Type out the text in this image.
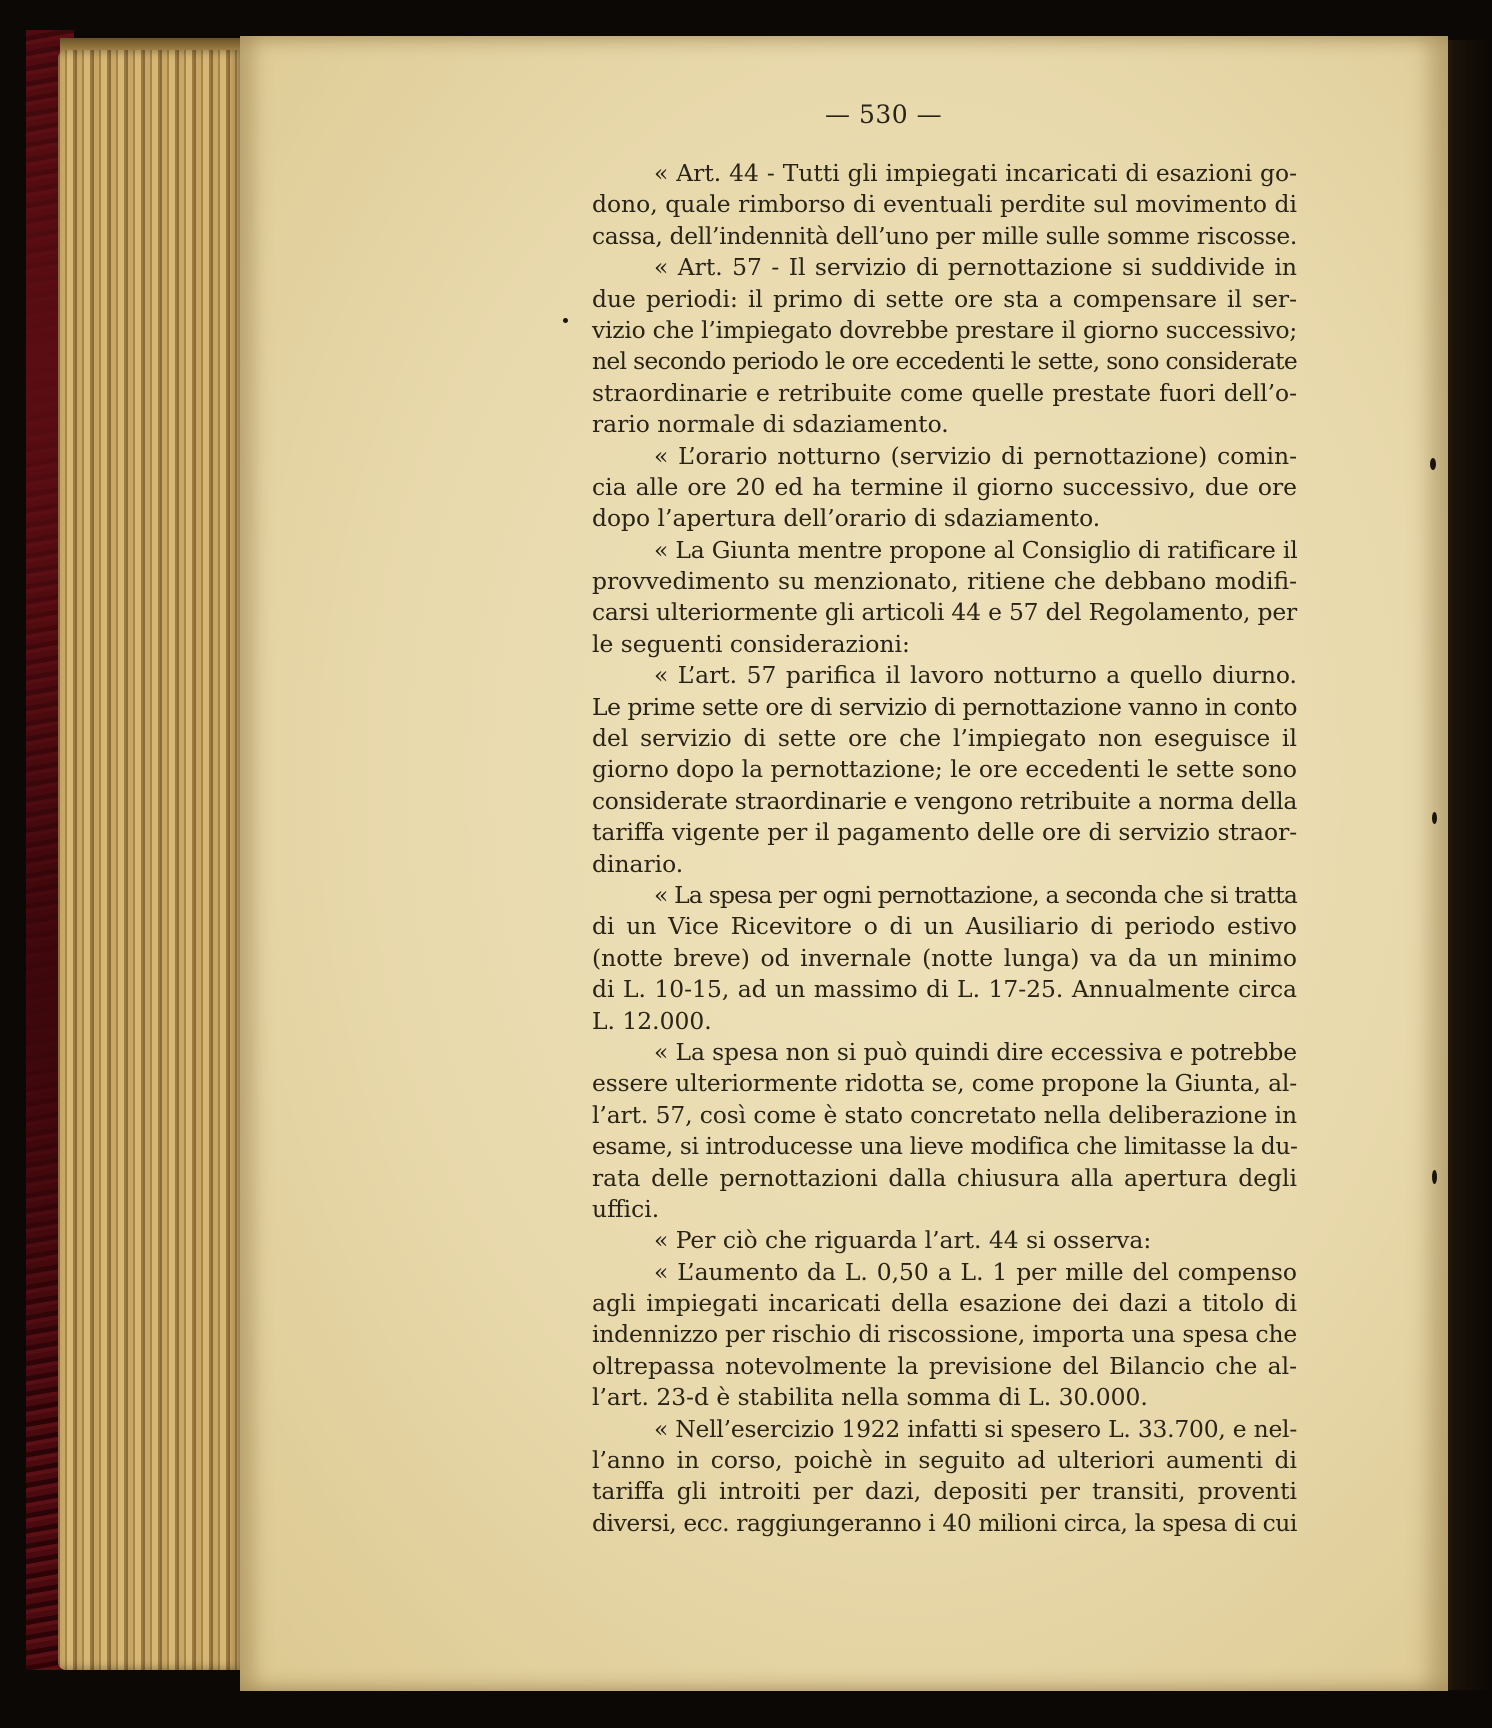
— 530 —
« Art. 44 - Tutti gli impiegati incaricati di esazioni go-
dono, quale rimborso di eventuali perdite sul movimento di
cassa, dell’indennità dell’uno per mille sulle somme riscosse.
« Art. 57 - Il servizio di pernottazione si suddivide in
due periodi: il primo di sette ore sta a compensare il ser-
vizio che l’impiegato dovrebbe prestare il giorno successivo;
nel secondo periodo le ore eccedenti le sette, sono considerate
straordinarie e retribuite come quelle prestate fuori dell’o-
rario normale di sdaziamento.
« L’orario notturno (servizio di pernottazione) comin-
cia alle ore 20 ed ha termine il giorno successivo, due ore
dopo l’apertura dell’orario di sdaziamento.
« La Giunta mentre propone al Consiglio di ratificare il
provvedimento su menzionato, ritiene che debbano modifi-
carsi ulteriormente gli articoli 44 e 57 del Regolamento, per
le seguenti considerazioni:
« L’art. 57 parifica il lavoro notturno a quello diurno.
Le prime sette ore di servizio di pernottazione vanno in conto
del servizio di sette ore che l’impiegato non eseguisce il
giorno dopo la pernottazione; le ore eccedenti le sette sono
considerate straordinarie e vengono retribuite a norma della
tariffa vigente per il pagamento delle ore di servizio straor-
dinario.
« La spesa per ogni pernottazione, a seconda che si tratta
di un Vice Ricevitore o di un Ausiliario di periodo estivo
(notte breve) od invernale (notte lunga) va da un minimo
di L. 10-15, ad un massimo di L. 17-25. Annualmente circa
L. 12.000.
« La spesa non si può quindi dire eccessiva e potrebbe
essere ulteriormente ridotta se, come propone la Giunta, al-
l’art. 57, così come è stato concretato nella deliberazione in
esame, si introducesse una lieve modifica che limitasse la du-
rata delle pernottazioni dalla chiusura alla apertura degli
uffici.
« Per ciò che riguarda l’art. 44 si osserva:
« L’aumento da L. 0,50 a L. 1 per mille del compenso
agli impiegati incaricati della esazione dei dazi a titolo di
indennizzo per rischio di riscossione, importa una spesa che
oltrepassa notevolmente la previsione del Bilancio che al-
l’art. 23-d è stabilita nella somma di L. 30.000.
« Nell’esercizio 1922 infatti si spesero L. 33.700, e nel-
l’anno in corso, poichè in seguito ad ulteriori aumenti di
tariffa gli introiti per dazi, depositi per transiti, proventi
diversi, ecc. raggiungeranno i 40 milioni circa, la spesa di cui
